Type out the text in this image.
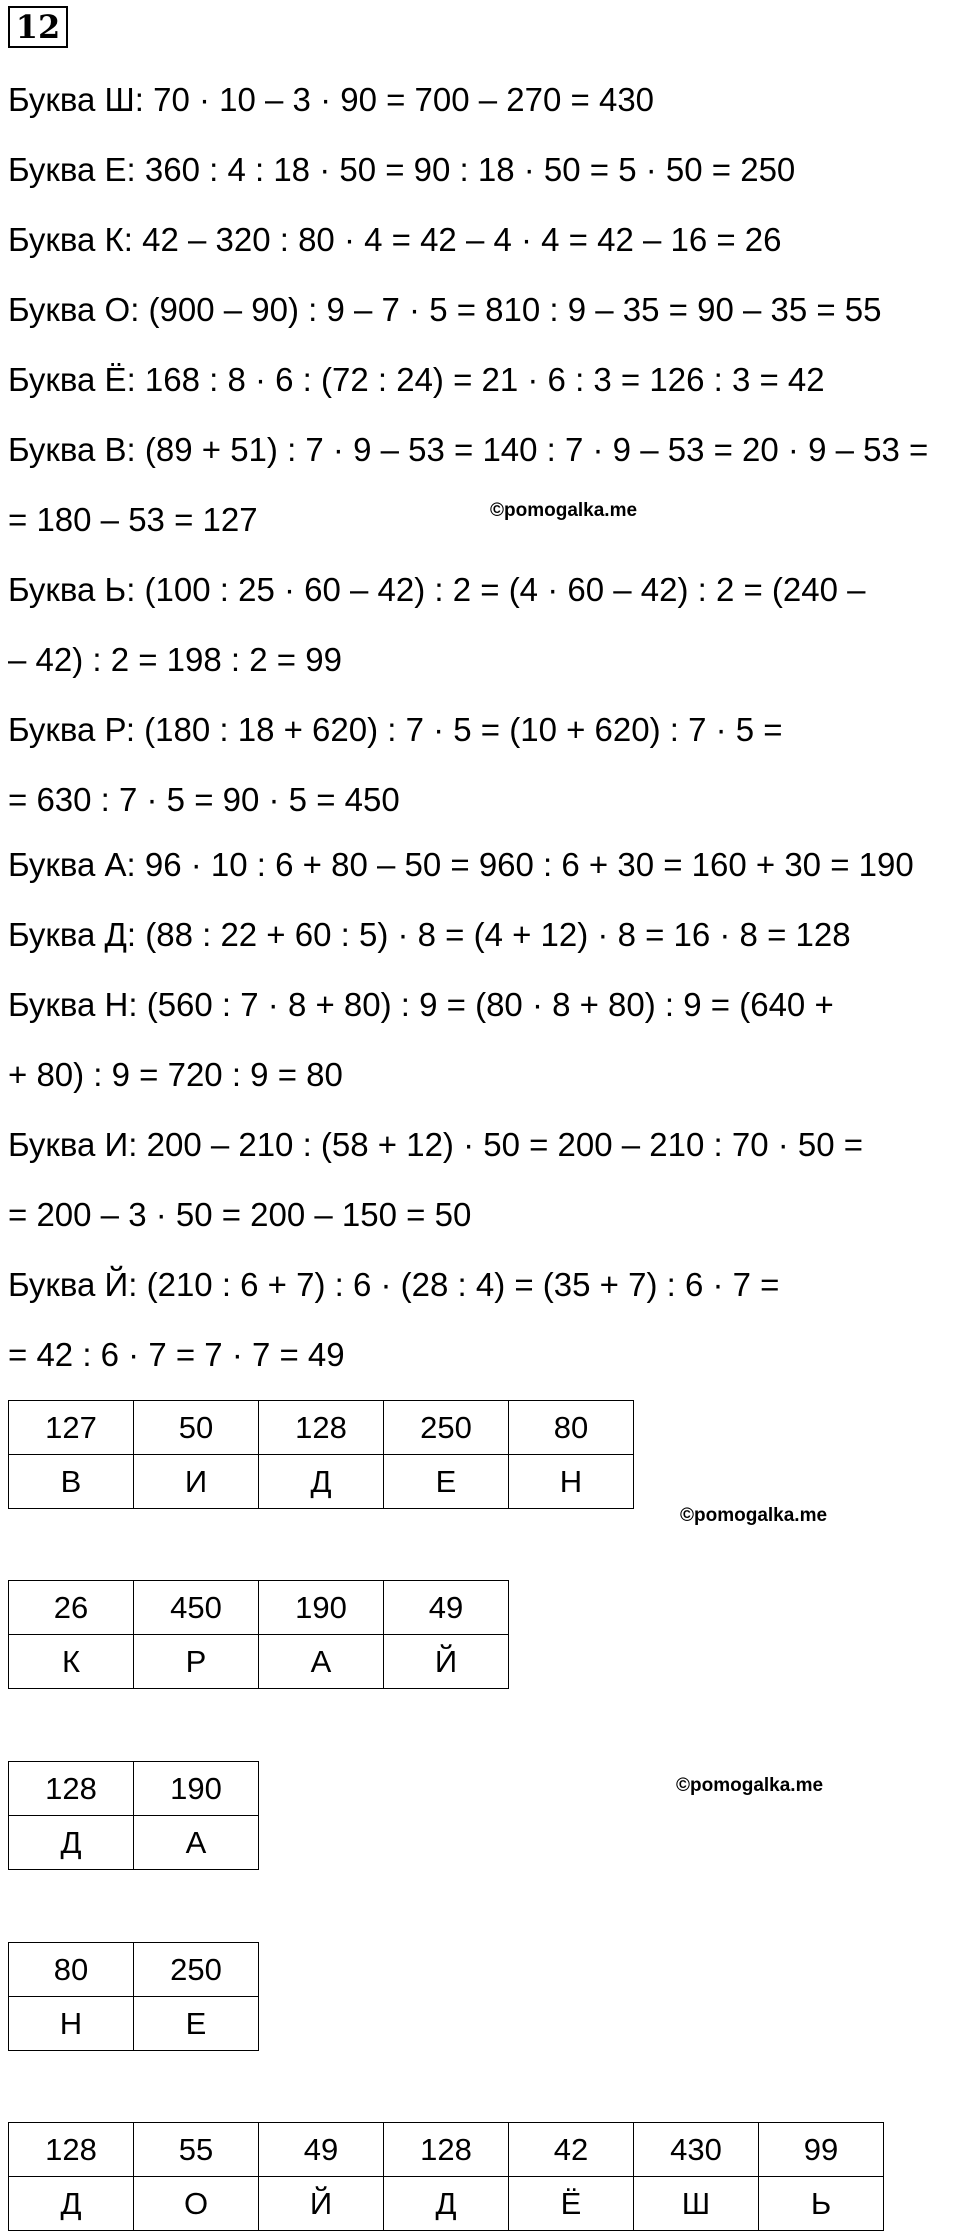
12
Буква Ш: 70 · 10 – 3 · 90 = 700 – 270 = 430
Буква Е: 360 : 4 : 18 · 50 = 90 : 18 · 50 = 5 · 50 = 250
Буква К: 42 – 320 : 80 · 4 = 42 – 4 · 4 = 42 – 16 = 26
Буква О: (900 – 90) : 9 – 7 · 5 = 810 : 9 – 35 = 90 – 35 = 55
Буква Ё: 168 : 8 · 6 : (72 : 24) = 21 · 6 : 3 = 126 : 3 = 42
Буква В: (89 + 51) : 7 · 9 – 53 = 140 : 7 · 9 – 53 = 20 · 9 – 53 =
= 180 – 53 = 127
Буква Ь: (100 : 25 · 60 – 42) : 2 = (4 · 60 – 42) : 2 = (240 –
– 42) : 2 = 198 : 2 = 99
Буква Р: (180 : 18 + 620) : 7 · 5 = (10 + 620) : 7 · 5 =
= 630 : 7 · 5 = 90 · 5 = 450
Буква А: 96 · 10 : 6 + 80 – 50 = 960 : 6 + 30 = 160 + 30 = 190
Буква Д: (88 : 22 + 60 : 5) · 8 = (4 + 12) · 8 = 16 · 8 = 128
Буква Н: (560 : 7 · 8 + 80) : 9 = (80 · 8 + 80) : 9 = (640 +
+ 80) : 9 = 720 : 9 = 80
Буква И: 200 – 210 : (58 + 12) · 50 = 200 – 210 : 70 · 50 =
= 200 – 3 · 50 = 200 – 150 = 50
Буква Й: (210 : 6 + 7) : 6 · (28 : 4) = (35 + 7) : 6 · 7 =
= 42 : 6 · 7 = 7 · 7 = 49
©pomogalka.me
©pomogalka.me
©pomogalka.me
127	50	128	250	80
В	И	Д	Е	Н
26	450	190	49
К	Р	А	Й
128	190
Д	А
80	250
Н	Е
128	55	49	128	42	430	99
Д	О	Й	Д	Ё	Ш	Ь
